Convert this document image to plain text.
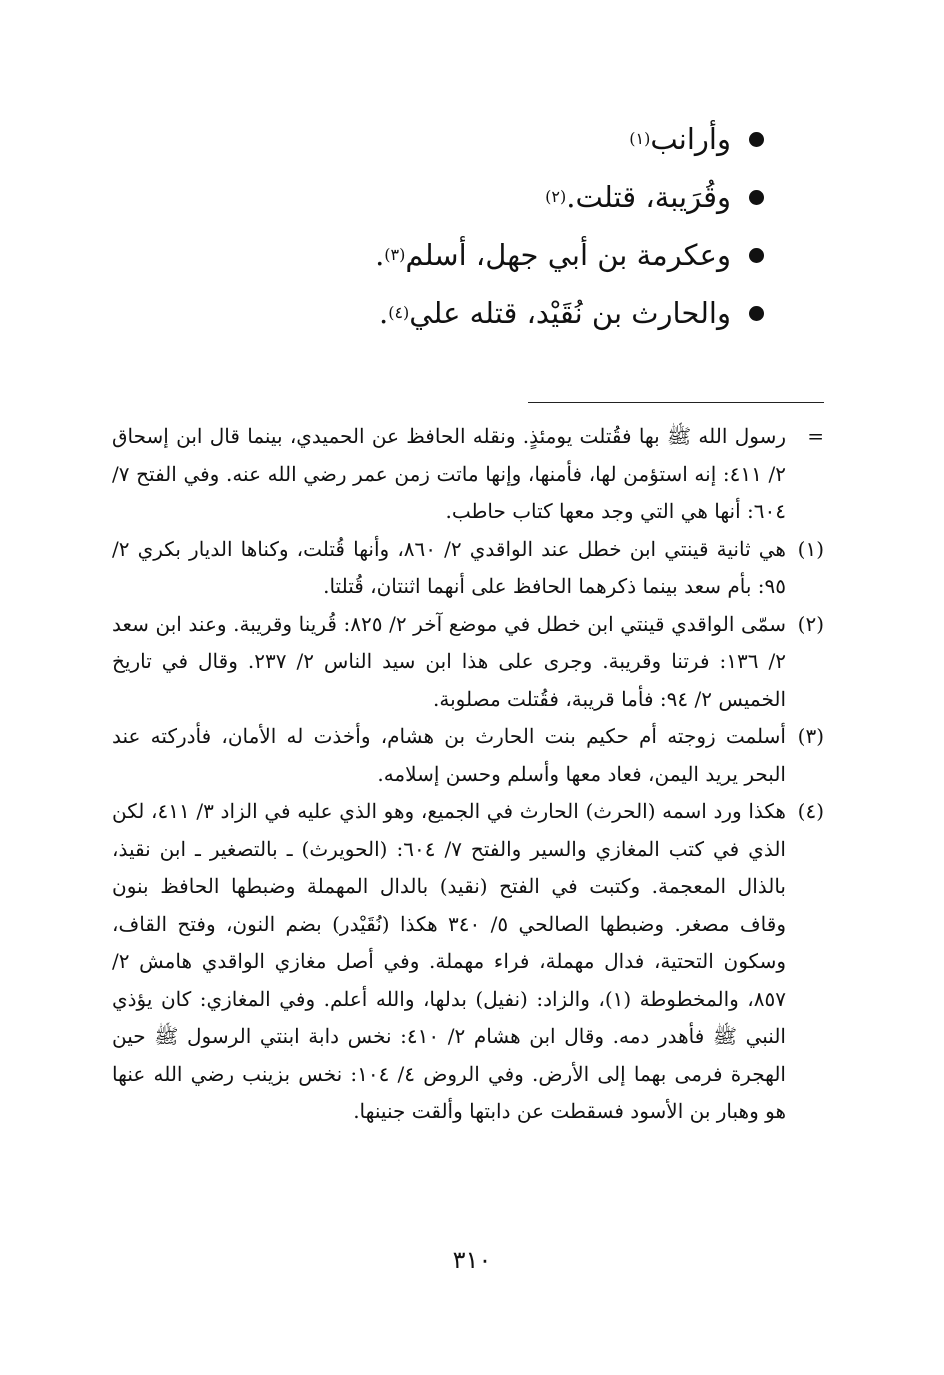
وأرانب
(١)
وقُرَيبة، قتلت.
(٢)
وعكرمة بن أبي جهل، أسلم
(٣)
.
والحارث بن نُقَيْد، قتله علي
(٤)
.
=
رسول الله ﷺ بها فقُتلت يومئذٍ. ونقله الحافظ عن الحميدي، بينما قال ابن إسحاق ٢/ ٤١١: إنه استؤمن لها، فأمنها، وإنها ماتت زمن عمر رضي الله عنه. وفي الفتح ٧/ ٦٠٤: أنها هي التي وجد معها كتاب حاطب.
(١)
هي ثانية قينتي ابن خطل عند الواقدي ٢/ ٨٦٠، وأنها قُتلت، وكناها الديار بكري ٢/ ٩٥: بأم سعد بينما ذكرهما الحافظ على أنهما اثنتان، قُتلتا.
(٢)
سمّى الواقدي قينتي ابن خطل في موضع آخر ٢/ ٨٢٥: قُرينا وقريبة. وعند ابن سعد ٢/ ١٣٦: فرتنا وقريبة. وجرى على هذا ابن سيد الناس ٢/ ٢٣٧. وقال في تاريخ الخميس ٢/ ٩٤: فأما قريبة، فقُتلت مصلوبة.
(٣)
أسلمت زوجته أم حكيم بنت الحارث بن هشام، وأخذت له الأمان، فأدركته عند البحر يريد اليمن، فعاد معها وأسلم وحسن إسلامه.
(٤)
هكذا ورد اسمه (الحرث) الحارث في الجميع، وهو الذي عليه في الزاد ٣/ ٤١١، لكن الذي في كتب المغازي والسير والفتح ٧/ ٦٠٤: (الحويرث) ـ بالتصغير ـ ابن نقيذ، بالذال المعجمة. وكتبت في الفتح (نقيد) بالدال المهملة وضبطها الحافظ بنون وقاف مصغر. وضبطها الصالحي ٥/ ٣٤٠ هكذا (نُقَيْدر) بضم النون، وفتح القاف، وسكون التحتية، فدال مهملة، فراء مهملة. وفي أصل مغازي الواقدي هامش ٢/ ٨٥٧، والمخطوطة (١)، والزاد: (نفيل) بدلها، والله أعلم. وفي المغازي: كان يؤذي النبي ﷺ فأهدر دمه. وقال ابن هشام ٢/ ٤١٠: نخس دابة ابنتي الرسول ﷺ حين الهجرة فرمى بهما إلى الأرض. وفي الروض ٤/ ١٠٤: نخس بزينب رضي الله عنها هو وهبار بن الأسود فسقطت عن دابتها وألقت جنينها.
٣١٠
